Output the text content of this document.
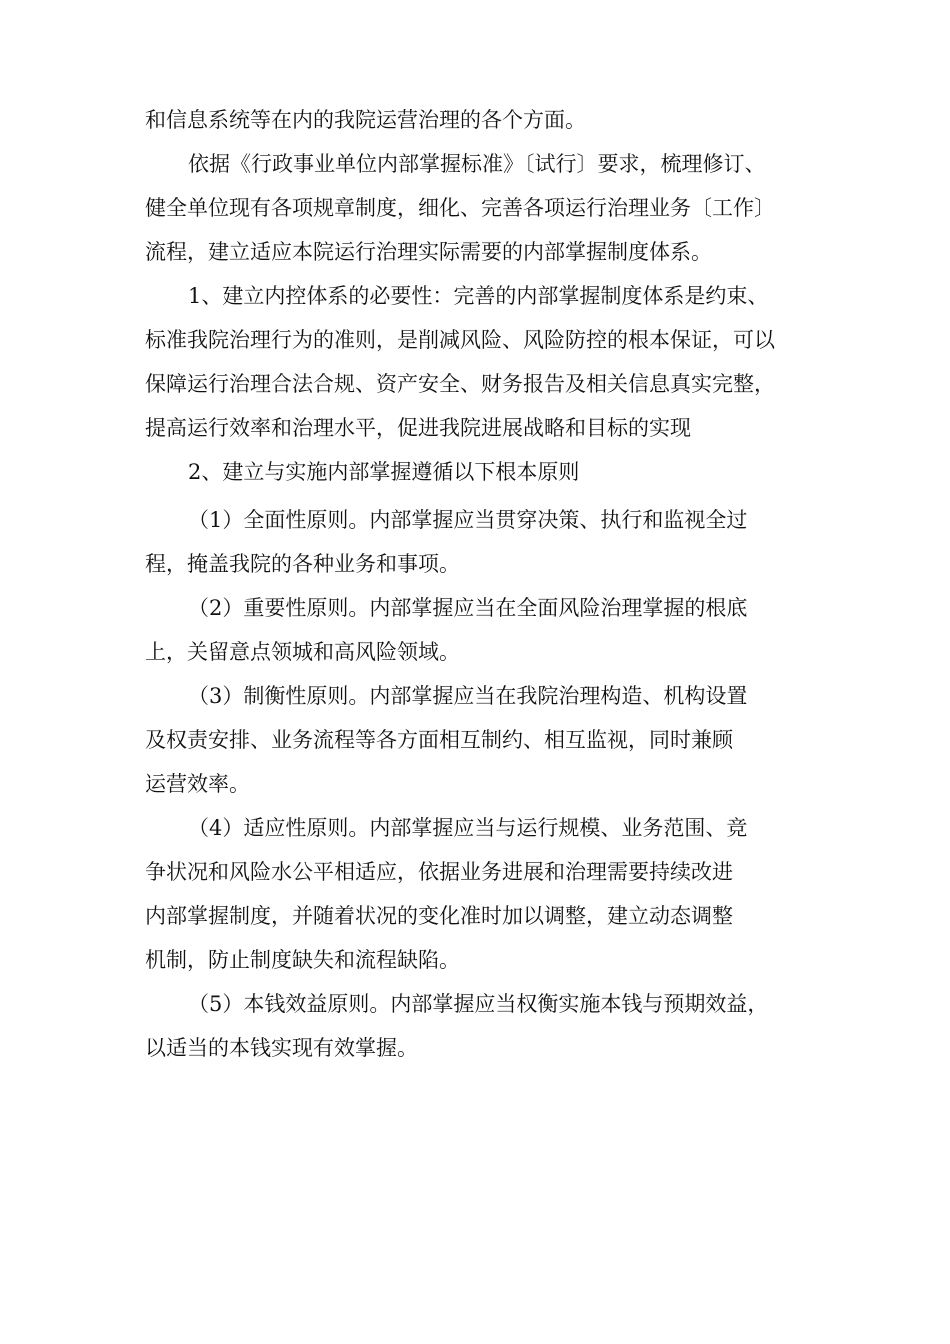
和信息系统等在内的我院运营治理的各个方面。
依据《行政事业单位内部掌握标准》〔试行〕要求，梳理修订、
健全单位现有各项规章制度，细化、完善各项运行治理业务〔工作〕
流程，建立适应本院运行治理实际需要的内部掌握制度体系。
1、建立内控体系的必要性：完善的内部掌握制度体系是约束、
标准我院治理行为的准则，是削减风险、风险防控的根本保证，可以
保障运行治理合法合规、资产安全、财务报告及相关信息真实完整，
提高运行效率和治理水平，促进我院进展战略和目标的实现
2、建立与实施内部掌握遵循以下根本原则
（1）全面性原则。内部掌握应当贯穿决策、执行和监视全过
程，掩盖我院的各种业务和事项。
（2）重要性原则。内部掌握应当在全面风险治理掌握的根底
上，关留意点领城和高风险领域。
（3）制衡性原则。内部掌握应当在我院治理构造、机构设置
及权责安排、业务流程等各方面相互制约、相互监视，同时兼顾
运营效率。
（4）适应性原则。内部掌握应当与运行规模、业务范围、竞
争状况和风险水公平相适应，依据业务进展和治理需要持续改进
内部掌握制度，并随着状况的变化准时加以调整，建立动态调整
机制，防止制度缺失和流程缺陷。
（5）本钱效益原则。内部掌握应当权衡实施本钱与预期效益，
以适当的本钱实现有效掌握。
